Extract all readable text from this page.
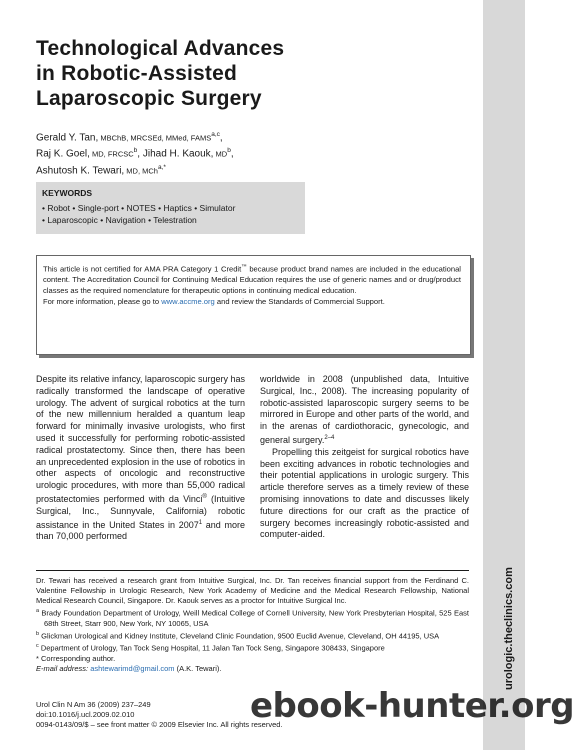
urologic.theclinics.com
Technological Advances
in Robotic-Assisted
Laparoscopic Surgery
Gerald Y. Tan, MBChB, MRCSEd, MMed, FAMS$^{a,c}$,
Raj K. Goel, MD, FRCSC$^b$, Jihad H. Kaouk, $MD^b$,
Ashutosh K. Tewari, MD, MCh$^{a,*}$
KEYWORDS
• Robot • Single-port • NOTES • Haptics • Simulator
• Laparoscopic • Navigation • Telestration

This article is not certified for AMA PRA Category 1 Credit™ because product brand names are included in the educational content. The Accreditation Council for Continuing Medical Education requires the use of generic names and or drug/product classes as the required nomenclature for therapeutic options in continuing medical education.

For more information, please go to www.accme.org and review the Standards of Commercial Support.

Despite its relative infancy, laparoscopic surgery has radically transformed the landscape of operative urology. The advent of surgical robotics at the turn of the new millennium heralded a quantum leap forward for minimally invasive urologists, who first used it successfully for performing robotic-assisted radical prostatectomy. Since then, there has been an unprecedented explosion in the use of robotics in other aspects of oncologic and reconstructive urologic procedures, with more than 55,000 radical prostatectomies performed with da Vinci® (Intuitive Surgical, Inc., Sunnyvale, California) robotic assistance in the United States in 2007$^1$ and more than 70,000 performed

worldwide in 2008 (unpublished data, Intuitive Surgical, Inc., 2008). The increasing popularity of robotic-assisted laparoscopic surgery seems to be mirrored in Europe and other parts of the world, and in the arenas of cardiothoracic, gynecologic, and general surgery.$^{2-4}$

Propelling this zeitgeist for surgical robotics have been exciting advances in robotic technologies and their potential applications in urologic surgery. This article therefore serves as a timely review of these promising innovations to date and discusses likely future directions for our craft as the practice of surgery becomes increasingly robotic-assisted and computer-aided.

Dr. Tewari has received a research grant from Intuitive Surgical, Inc. Dr. Tan receives financial support from the Ferdinand C. Valentine Fellowship in Urologic Research, New York Academy of Medicine and the Medical Research Fellowship, National Medical Research Council, Singapore. Dr. Kaouk serves as a proctor for Intuitive Surgical Inc.

$^a$ Brady Foundation Department of Urology, Weill Medical College of Cornell University, New York Presbyterian Hospital, 525 East 68th Street, Starr 900, New York, NY 10065, USA

$^b$ Glickman Urological and Kidney Institute, Cleveland Clinic Foundation, 9500 Euclid Avenue, Cleveland, OH 44195, USA

$^c$ Department of Urology, Tan Tock Seng Hospital, 11 Jalan Tan Tock Seng, Singapore 308433, Singapore

* Corresponding author.

E-mail address: ashtewarimd@gmail.com (A.K. Tewari).

Urol Clin N Am 36 (2009) 237–249

doi:10.1016/j.ucl.2009.02.010

0094-0143/09/$ – see front matter © 2009 Elsevier Inc. All rights reserved.

ebook-hunter.org
